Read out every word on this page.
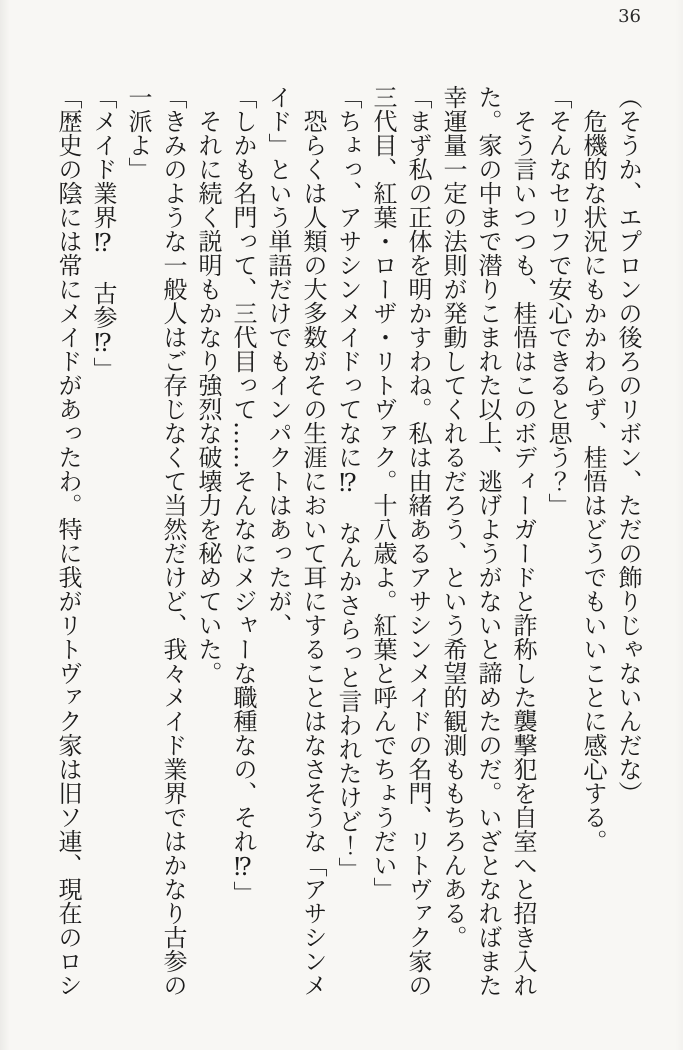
36

（そうか、エプロンの後ろのリボン、ただの飾りじゃないんだな）

危機的な状況にもかかわらず、桂悟はどうでもいいことに感心する。

「そんなセリフで安心できると思う？」

そう言いつつも、桂悟はこのボディーガードと詐称した襲撃犯を自室へと招き入れ

た。家の中まで潜りこまれた以上、逃げようがないと諦めたのだ。いざとなればまた

幸運量一定の法則が発動してくれるだろう、という希望的観測ももちろんある。

「まず私の正体を明かすわね。私は由緒あるアサシンメイドの名門、リトヴァク家の

三代目、紅葉・ローザ・リトヴァク。十八歳よ。紅葉と呼んでちょうだい」

「ちょっ、アサシンメイドってなに⁉　なんかさらっと言われたけど！」

恐らくは人類の大多数がその生涯において耳にすることはなさそうな「アサシンメ

イド」という単語だけでもインパクトはあったが、

「しかも名門って、三代目って……そんなにメジャーな職種なの、それ⁉」

それに続く説明もかなり強烈な破壊力を秘めていた。

「きみのような一般人はご存じなくて当然だけど、我々メイド業界ではかなり古参の

一派よ」

「メイド業界⁉　古参⁉」

「歴史の陰には常にメイドがあったわ。特に我がリトヴァク家は旧ソ連、現在のロシ
